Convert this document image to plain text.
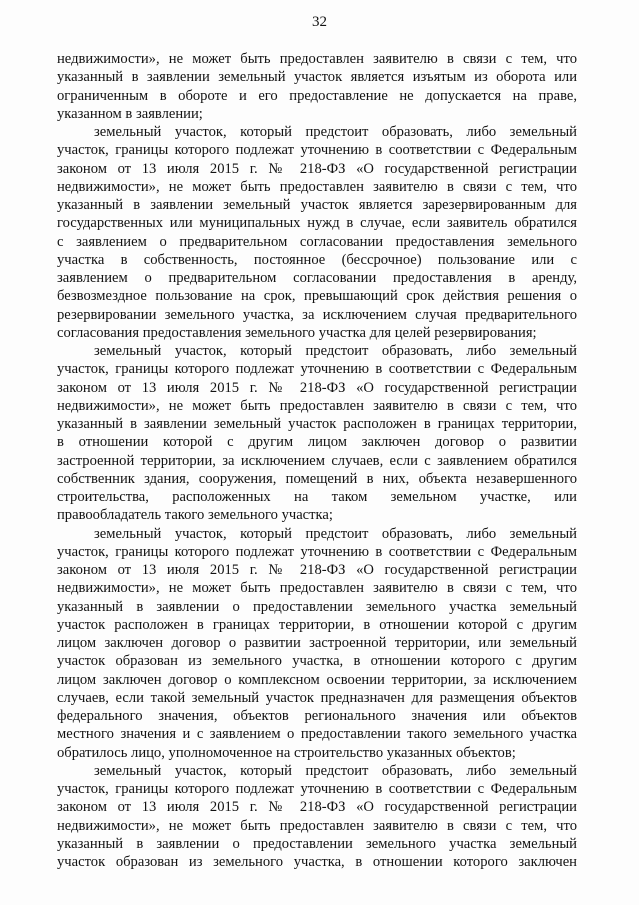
32
недвижимости», не может быть предоставлен заявителю в связи с тем, что
указанный в заявлении земельный участок является изъятым из оборота или
ограниченным в обороте и его предоставление не допускается на праве,
указанном в заявлении;
земельный участок, который предстоит образовать, либо земельный
участок, границы которого подлежат уточнению в соответствии с Федеральным
законом от 13 июля 2015 г. № 218-ФЗ «О государственной регистрации
недвижимости», не может быть предоставлен заявителю в связи с тем, что
указанный в заявлении земельный участок является зарезервированным для
государственных или муниципальных нужд в случае, если заявитель обратился
с заявлением о предварительном согласовании предоставления земельного
участка в собственность, постоянное (бессрочное) пользование или с
заявлением о предварительном согласовании предоставления в аренду,
безвозмездное пользование на срок, превышающий срок действия решения о
резервировании земельного участка, за исключением случая предварительного
согласования предоставления земельного участка для целей резервирования;
земельный участок, который предстоит образовать, либо земельный
участок, границы которого подлежат уточнению в соответствии с Федеральным
законом от 13 июля 2015 г. № 218-ФЗ «О государственной регистрации
недвижимости», не может быть предоставлен заявителю в связи с тем, что
указанный в заявлении земельный участок расположен в границах территории,
в отношении которой с другим лицом заключен договор о развитии
застроенной территории, за исключением случаев, если с заявлением обратился
собственник здания, сооружения, помещений в них, объекта незавершенного
строительства, расположенных на таком земельном участке, или
правообладатель такого земельного участка;
земельный участок, который предстоит образовать, либо земельный
участок, границы которого подлежат уточнению в соответствии с Федеральным
законом от 13 июля 2015 г. № 218-ФЗ «О государственной регистрации
недвижимости», не может быть предоставлен заявителю в связи с тем, что
указанный в заявлении о предоставлении земельного участка земельный
участок расположен в границах территории, в отношении которой с другим
лицом заключен договор о развитии застроенной территории, или земельный
участок образован из земельного участка, в отношении которого с другим
лицом заключен договор о комплексном освоении территории, за исключением
случаев, если такой земельный участок предназначен для размещения объектов
федерального значения, объектов регионального значения или объектов
местного значения и с заявлением о предоставлении такого земельного участка
обратилось лицо, уполномоченное на строительство указанных объектов;
земельный участок, который предстоит образовать, либо земельный
участок, границы которого подлежат уточнению в соответствии с Федеральным
законом от 13 июля 2015 г. № 218-ФЗ «О государственной регистрации
недвижимости», не может быть предоставлен заявителю в связи с тем, что
указанный в заявлении о предоставлении земельного участка земельный
участок образован из земельного участка, в отношении которого заключен
